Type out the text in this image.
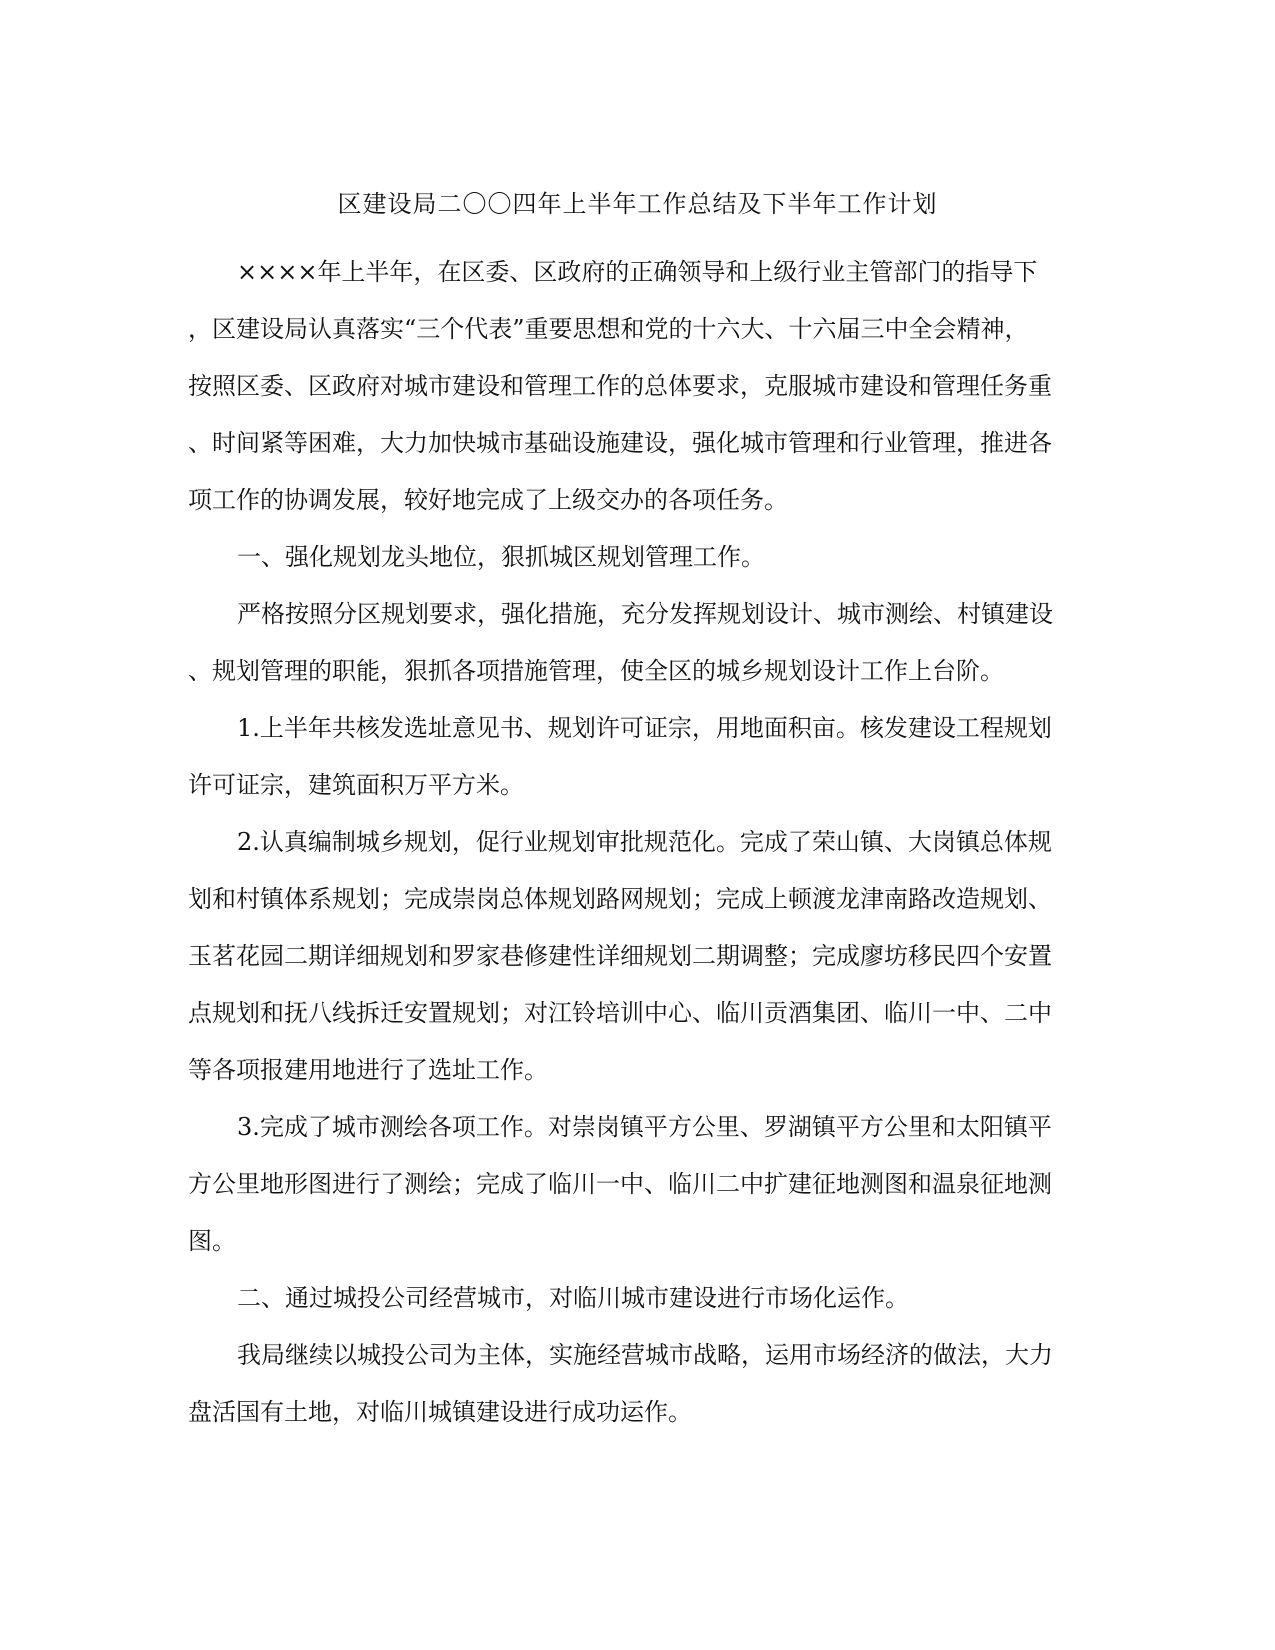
区建设局二〇〇四年上半年工作总结及下半年工作计划
××××年上半年，在区委、区政府的正确领导和上级行业主管部门的指导下
，区建设局认真落实“三个代表”重要思想和党的十六大、十六届三中全会精神，
按照区委、区政府对城市建设和管理工作的总体要求，克服城市建设和管理任务重
、时间紧等困难，大力加快城市基础设施建设，强化城市管理和行业管理，推进各
项工作的协调发展，较好地完成了上级交办的各项任务。
一、强化规划龙头地位，狠抓城区规划管理工作。
严格按照分区规划要求，强化措施，充分发挥规划设计、城市测绘、村镇建设
、规划管理的职能，狠抓各项措施管理，使全区的城乡规划设计工作上台阶。
1.上半年共核发选址意见书、规划许可证宗，用地面积亩。核发建设工程规划
许可证宗，建筑面积万平方米。
2.认真编制城乡规划，促行业规划审批规范化。完成了荣山镇、大岗镇总体规
划和村镇体系规划；完成崇岗总体规划路网规划；完成上顿渡龙津南路改造规划、
玉茗花园二期详细规划和罗家巷修建性详细规划二期调整；完成廖坊移民四个安置
点规划和抚八线拆迁安置规划；对江铃培训中心、临川贡酒集团、临川一中、二中
等各项报建用地进行了选址工作。
3.完成了城市测绘各项工作。对崇岗镇平方公里、罗湖镇平方公里和太阳镇平
方公里地形图进行了测绘；完成了临川一中、临川二中扩建征地测图和温泉征地测
图。
二、通过城投公司经营城市，对临川城市建设进行市场化运作。
我局继续以城投公司为主体，实施经营城市战略，运用市场经济的做法，大力
盘活国有土地，对临川城镇建设进行成功运作。
